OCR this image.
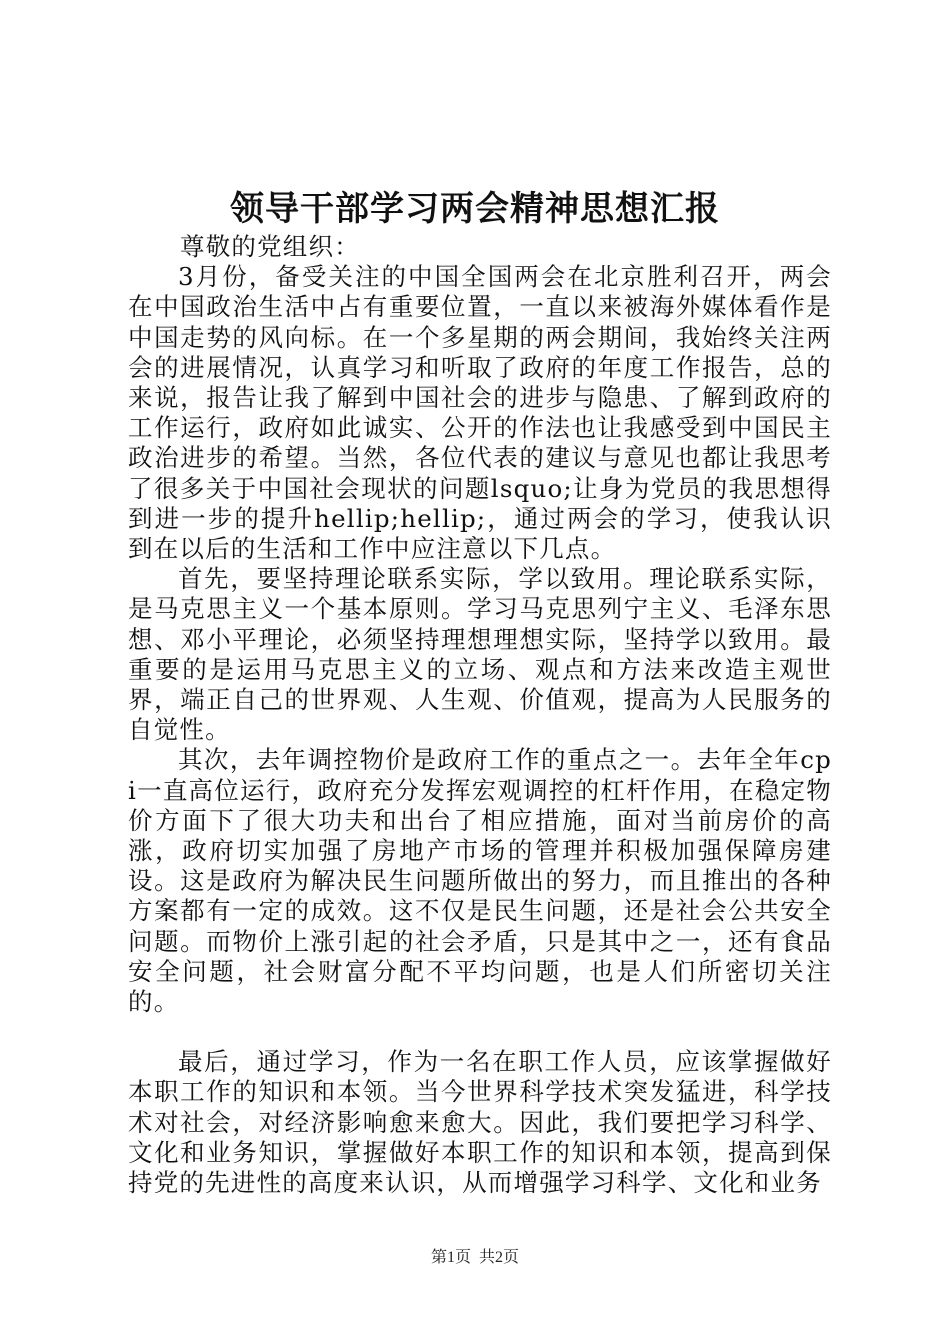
领导干部学习两会精神思想汇报

尊敬的党组织：

3月份，备受关注的中国全国两会在北京胜利召开，两会在中国政治生活中占有重要位置，一直以来被海外媒体看作是中国走势的风向标。在一个多星期的两会期间，我始终关注两会的进展情况，认真学习和听取了政府的年度工作报告，总的来说，报告让我了解到中国社会的进步与隐患、了解到政府的工作运行，政府如此诚实、公开的作法也让我感受到中国民主政治进步的希望。当然，各位代表的建议与意见也都让我思考了很多关于中国社会现状的问题lsquo;让身为党员的我思想得到进一步的提升hellip;hellip;，通过两会的学习，使我认识到在以后的生活和工作中应注意以下几点。

首先，要坚持理论联系实际，学以致用。理论联系实际，是马克思主义一个基本原则。学习马克思列宁主义、毛泽东思想、邓小平理论，必须坚持理想理想实际，坚持学以致用。最重要的是运用马克思主义的立场、观点和方法来改造主观世界，端正自己的世界观、人生观、价值观，提高为人民服务的自觉性。

其次，去年调控物价是政府工作的重点之一。去年全年cpi一直高位运行，政府充分发挥宏观调控的杠杆作用，在稳定物价方面下了很大功夫和出台了相应措施，面对当前房价的高涨，政府切实加强了房地产市场的管理并积极加强保障房建设。这是政府为解决民生问题所做出的努力，而且推出的各种方案都有一定的成效。这不仅是民生问题，还是社会公共安全问题。而物价上涨引起的社会矛盾，只是其中之一，还有食品安全问题，社会财富分配不平均问题，也是人们所密切关注的。

最后，通过学习，作为一名在职工作人员，应该掌握做好本职工作的知识和本领。当今世界科学技术突发猛进，科学技术对社会，对经济影响愈来愈大。因此，我们要把学习科学、文化和业务知识，掌握做好本职工作的知识和本领，提高到保持党的先进性的高度来认识，从而增强学习科学、文化和业务

第1页  共2页
